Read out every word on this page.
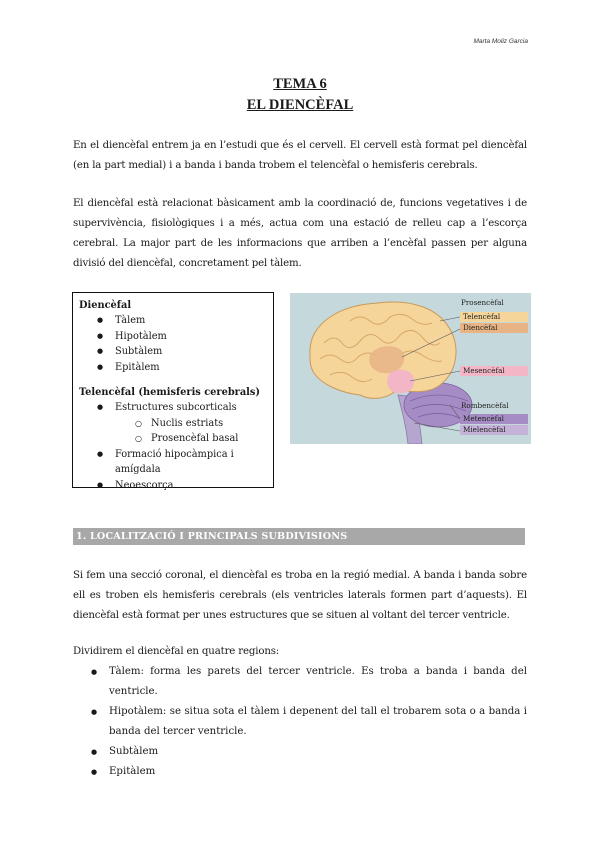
Marta Moliz Garcia
TEMA 6
EL DIENCÈFAL

En el diencèfal entrem ja en l’estudi que és el cervell. El cervell està format pel diencèfal (en la part medial) i a banda i banda trobem el telencèfal o hemisferis cerebrals.

El diencèfal està relacionat bàsicament amb la coordinació de, funcions vegetatives i de supervivència, fisiològiques i a més, actua com una estació de relleu cap a l’escorça cerebral. La major part de les informacions que arriben a l’encèfal passen per alguna divisió del diencèfal, concretament pel tàlem.

Diencèfal
● Tàlem
● Hipotàlem
● Subtàlem
● Epitàlem
Telencèfal (hemisferis cerebrals)
● Estructures subcorticals
○ Nuclis estriats
○ Prosencèfal basal
● Formació hipocàmpica i amígdala
● Neoescorça
Prosencèfal
Telencèfal
Diencèfal
Mesencèfal
Rombencèfal
Metencèfal
Mielencèfal
1. LOCALITZACIÓ I PRINCIPALS SUBDIVISIONS

Si fem una secció coronal, el diencèfal es troba en la regió medial. A banda i banda sobre ell es troben els hemisferis cerebrals (els ventricles laterals formen part d’aquests). El diencèfal està format per unes estructures que se situen al voltant del tercer ventricle.

Dividirem el diencèfal en quatre regions:

● Tàlem: forma les parets del tercer ventricle. Es troba a banda i banda del ventricle.
● Hipotàlem: se situa sota el tàlem i depenent del tall el trobarem sota o a banda i banda del tercer ventricle.
● Subtàlem
● Epitàlem
